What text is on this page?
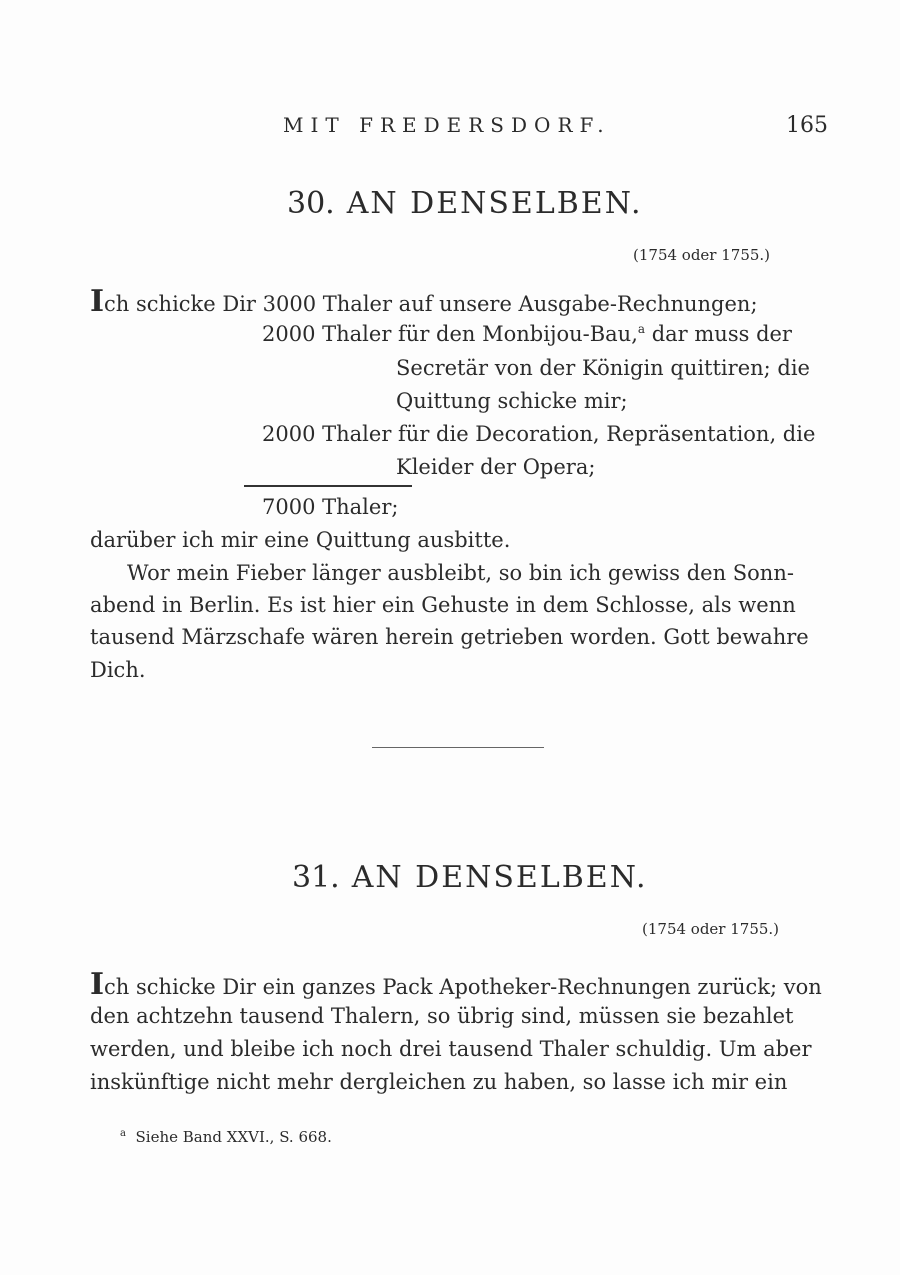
MIT FREDERSDORF.	165
30. AN DENSELBEN.
(1754 oder 1755.)
Ich schicke Dir 3000 Thaler auf unsere Ausgabe-Rechnungen;
2000 Thaler für den Monbijou-Bau,$^a$ dar muss der
Secretär von der Königin quittiren; die
Quittung schicke mir;
2000 Thaler für die Decoration, Repräsentation, die
Kleider der Opera;
7000 Thaler;
darüber ich mir eine Quittung ausbitte.
Wor mein Fieber länger ausbleibt, so bin ich gewiss den Sonn-
abend in Berlin. Es ist hier ein Gehuste in dem Schlosse, als wenn
tausend Märzschafe wären herein getrieben worden. Gott bewahre
Dich.
31. AN DENSELBEN.
(1754 oder 1755.)
Ich schicke Dir ein ganzes Pack Apotheker-Rechnungen zurück; von
den achtzehn tausend Thalern, so übrig sind, müssen sie bezahlet
werden, und bleibe ich noch drei tausend Thaler schuldig. Um aber
inskünftige nicht mehr dergleichen zu haben, so lasse ich mir ein
$^a$ Siehe Band XXVI., S. 668.
